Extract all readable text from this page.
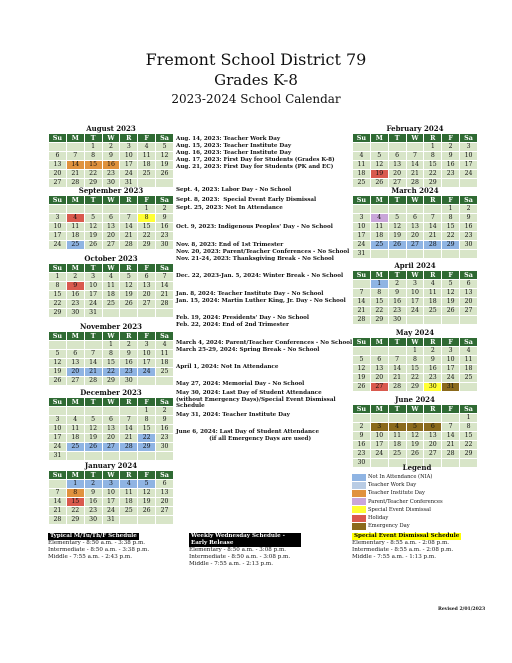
Fremont School District 79
Grades K-8
2023-2024 School Calendar
August 2023
Su	M	T	W	R	F	Sa
		1	2	3	4	5
6	7	8	9	10	11	12
13	14	15	16	17	18	19
20	21	22	23	24	25	26
27	28	29	30	31		
September 2023
Su	M	T	W	R	F	Sa
					1	2
3	4	5	6	7	8	9
10	11	12	13	14	15	16
17	18	19	20	21	22	23
24	25	26	27	28	29	30
October 2023
Su	M	T	W	R	F	Sa
1	2	3	4	5	6	7
8	9	10	11	12	13	14
15	16	17	18	19	20	21
22	23	24	25	26	27	28
29	30	31				
November 2023
Su	M	T	W	R	F	Sa
			1	2	3	4
5	6	7	8	9	10	11
12	13	14	15	16	17	18
19	20	21	22	23	24	25
26	27	28	29	30		
December 2023
Su	M	T	W	R	F	Sa
					1	2
3	4	5	6	7	8	9
10	11	12	13	14	15	16
17	18	19	20	21	22	23
24	25	26	27	28	29	30
31						
January 2024
Su	M	T	W	R	F	Sa
	1	2	3	4	5	6
7	8	9	10	11	12	13
14	15	16	17	18	19	20
21	22	23	24	25	26	27
28	29	30	31			
February 2024
Su	M	T	W	R	F	Sa
				1	2	3
4	5	6	7	8	9	10
11	12	13	14	15	16	17
18	19	20	21	22	23	24
25	26	27	28	29		
March 2024
Su	M	T	W	R	F	Sa
					1	2
3	4	5	6	7	8	9
10	11	12	13	14	15	16
17	18	19	20	21	22	23
24	25	26	27	28	29	30
31						
April 2024
Su	M	T	W	R	F	Sa
	1	2	3	4	5	6
7	8	9	10	11	12	13
14	15	16	17	18	19	20
21	22	23	24	25	26	27
28	29	30				
May 2024
Su	M	T	W	R	F	Sa
			1	2	3	4
5	6	7	8	9	10	11
12	13	14	15	16	17	18
19	20	21	22	23	24	25
26	27	28	29	30	31	
June 2024
Su	M	T	W	R	F	Sa
						1
2	3	4	5	6	7	8
9	10	11	12	13	14	15
16	17	18	19	20	21	22
23	24	25	26	27	28	29
30						
Aug. 14, 2023: Teacher Work Day
Aug. 15, 2023: Teacher Institute Day
Aug. 16, 2023: Teacher Institute Day
Aug. 17, 2023: First Day for Students (Grades K-8)
Aug. 21, 2023: First Day for Students (PK and EC)
Sept. 4, 2023: Labor Day - No School
Sept. 8, 2023:  Special Event Early Dismissal
Sept. 25, 2023: Not In Attendance
Oct. 9, 2023: Indigenous Peoples' Day - No School
Nov. 8, 2023: End of 1st Trimester
Nov. 20, 2023: Parent/Teacher Conferences - No School
Nov. 21-24, 2023: Thanksgiving Break - No School
Dec. 22, 2023-Jan. 5, 2024: Winter Break - No School
Jan. 8, 2024: Teacher Institute Day - No School
Jan. 15, 2024: Martin Luther King, Jr. Day - No School
Feb. 19, 2024: Presidents' Day - No School
Feb. 22, 2024: End of 2nd Trimester
March 4, 2024: Parent/Teacher Conferences - No School
March 25-29, 2024: Spring Break - No School
April 1, 2024: Not In Attendance
May 27, 2024: Memorial Day - No School
May 30, 2024: Last Day of Student Attendance
(without Emergency Days)/Special Event Dismissal
Schedule
May 31, 2024: Teacher Institute Day
June 6, 2024: Last Day of Student Attendance
(if all Emergency Days are used)
Legend
Not In Attendance (NIA)
Teacher Work Day
Teacher Institute Day
Parent/Teacher Conferences
Special Event Dismissal
Holiday
Emergency Day
Typical M/Tu/Th/F Schedule
Elementary - 8:50 a.m. - 3:38 p.m.
Intermediate - 8:50 a.m. - 3:38 p.m.
Middle - 7:55 a.m. - 2:43 p.m.
Weekly Wednesday Schedule -
Early Release
Elementary - 8:50 a.m. - 3:08 p.m.
Intermediate - 8:50 a.m. - 3:08 p.m.
Middle - 7:55 a.m. - 2:13 p.m.
Special Event Dismissal Schedule
Elementary - 8:55 a.m. - 2:08 p.m.
Intermediate - 8:55 a.m. - 2:08 p.m.
Middle - 7:55 a.m. - 1:13 p.m.
Revised 2/01/2023
